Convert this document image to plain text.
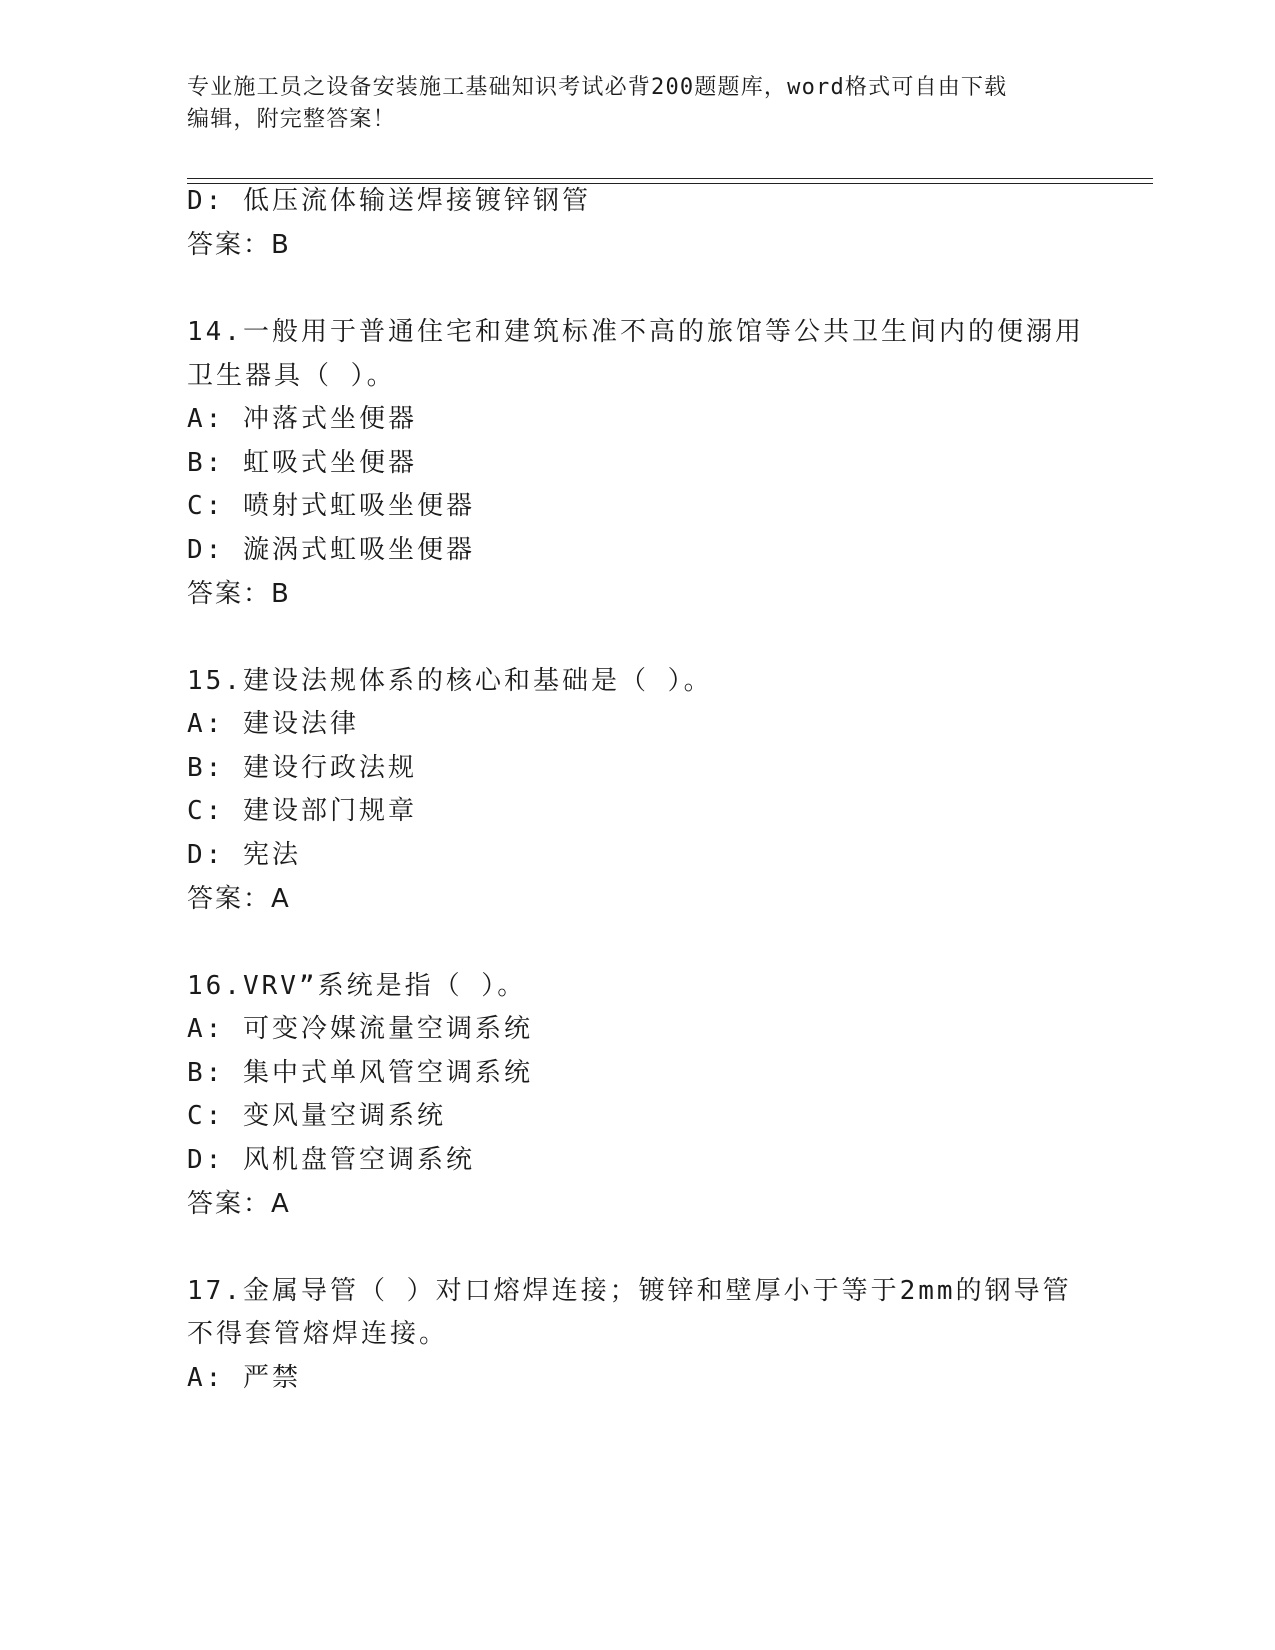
专业施工员之设备安装施工基础知识考试必背200题题库，word格式可自由下载
编辑，附完整答案！
D: 低压流体输送焊接镀锌钢管
答案：B
14.一般用于普通住宅和建筑标准不高的旅馆等公共卫生间内的便溺用
卫生器具（ ）。
A: 冲落式坐便器
B: 虹吸式坐便器
C: 喷射式虹吸坐便器
D: 漩涡式虹吸坐便器
答案：B
15.建设法规体系的核心和基础是（ ）。
A: 建设法律
B: 建设行政法规
C: 建设部门规章
D: 宪法
答案：A
16.VRV”系统是指（ ）。
A: 可变冷媒流量空调系统
B: 集中式单风管空调系统
C: 变风量空调系统
D: 风机盘管空调系统
答案：A
17.金属导管（ ）对口熔焊连接；镀锌和壁厚小于等于2mm的钢导管
不得套管熔焊连接。
A: 严禁
